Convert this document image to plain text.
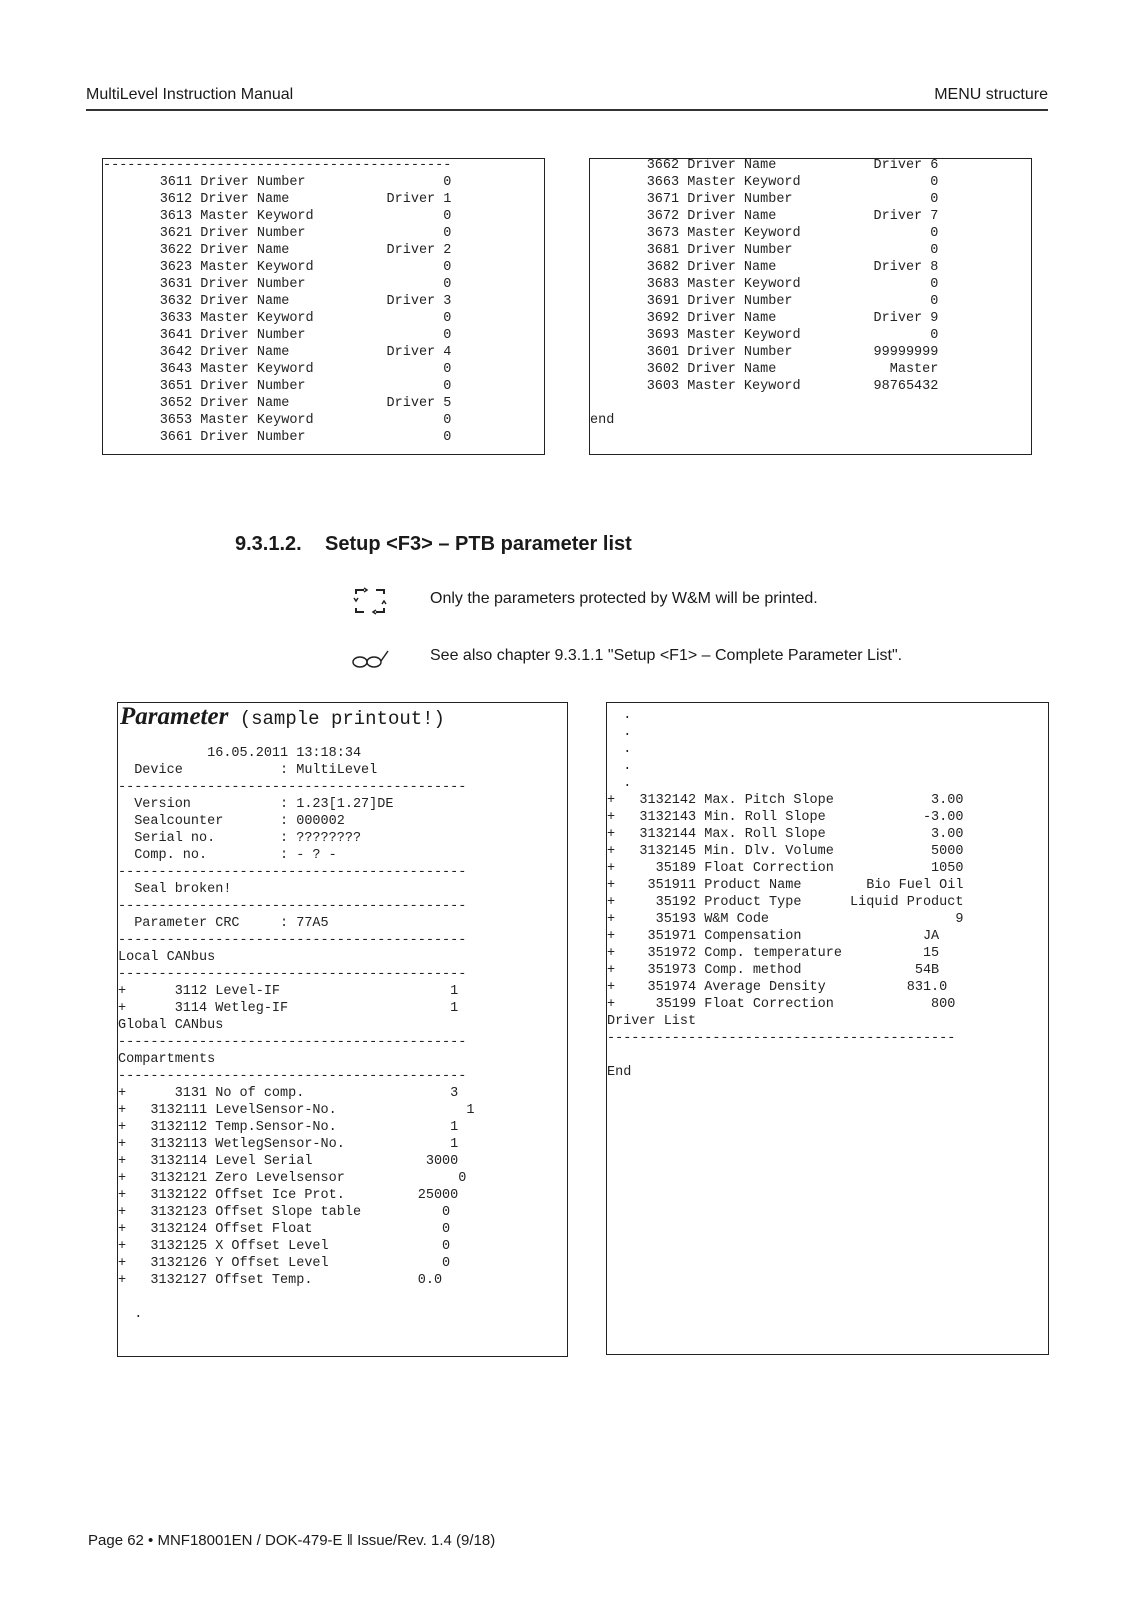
MultiLevel Instruction Manual	MENU structure
-------------------------------------------
3611 Driver Number                 0
3612 Driver Name            Driver 1
3613 Master Keyword                0
3621 Driver Number                 0
3622 Driver Name            Driver 2
3623 Master Keyword                0
3631 Driver Number                 0
3632 Driver Name            Driver 3
3633 Master Keyword                0
3641 Driver Number                 0
3642 Driver Name            Driver 4
3643 Master Keyword                0
3651 Driver Number                 0
3652 Driver Name            Driver 5
3653 Master Keyword                0
3661 Driver Number                 0
3662 Driver Name            Driver 6
3663 Master Keyword                0
3671 Driver Number                 0
3672 Driver Name            Driver 7
3673 Master Keyword                0
3681 Driver Number                 0
3682 Driver Name            Driver 8
3683 Master Keyword                0
3691 Driver Number                 0
3692 Driver Name            Driver 9
3693 Master Keyword                0
3601 Driver Number          99999999
3602 Driver Name              Master
3603 Master Keyword         98765432

end
9.3.1.2. Setup <F3> – PTB parameter list
Only the parameters protected by W&M will be printed.
See also chapter 9.3.1.1 "Setup <F1> – Complete Parameter List".
Parameter (sample printout!)

16.05.2011 13:18:34
Device            : MultiLevel
-------------------------------------------
Version           : 1.23[1.27]DE
Sealcounter       : 000002
Serial no.        : ????????
Comp. no.         : - ? -
-------------------------------------------
Seal broken!
-------------------------------------------
Parameter CRC     : 77A5
-------------------------------------------
Local CANbus
-------------------------------------------
+      3112 Level-IF                     1
+      3114 Wetleg-IF                    1
Global CANbus
-------------------------------------------
Compartments
-------------------------------------------
+      3131 No of comp.                  3
+   3132111 LevelSensor-No.                1
+   3132112 Temp.Sensor-No.              1
+   3132113 WetlegSensor-No.             1
+   3132114 Level Serial              3000
+   3132121 Zero Levelsensor              0
+   3132122 Offset Ice Prot.         25000
+   3132123 Offset Slope table          0
+   3132124 Offset Float                0
+   3132125 X Offset Level              0
+   3132126 Y Offset Level              0
+   3132127 Offset Temp.             0.0

.
.
.
.
.
.
+   3132142 Max. Pitch Slope            3.00
+   3132143 Min. Roll Slope            -3.00
+   3132144 Max. Roll Slope             3.00
+   3132145 Min. Dlv. Volume            5000
+     35189 Float Correction            1050
+    351911 Product Name        Bio Fuel Oil
+     35192 Product Type      Liquid Product
+     35193 W&M Code                       9
+    351971 Compensation               JA
+    351972 Comp. temperature          15
+    351973 Comp. method              54B
+    351974 Average Density          831.0
+     35199 Float Correction            800
Driver List
-------------------------------------------

End
Page 62 • MNF18001EN / DOK-479-E ‖ Issue/Rev. 1.4 (9/18)
